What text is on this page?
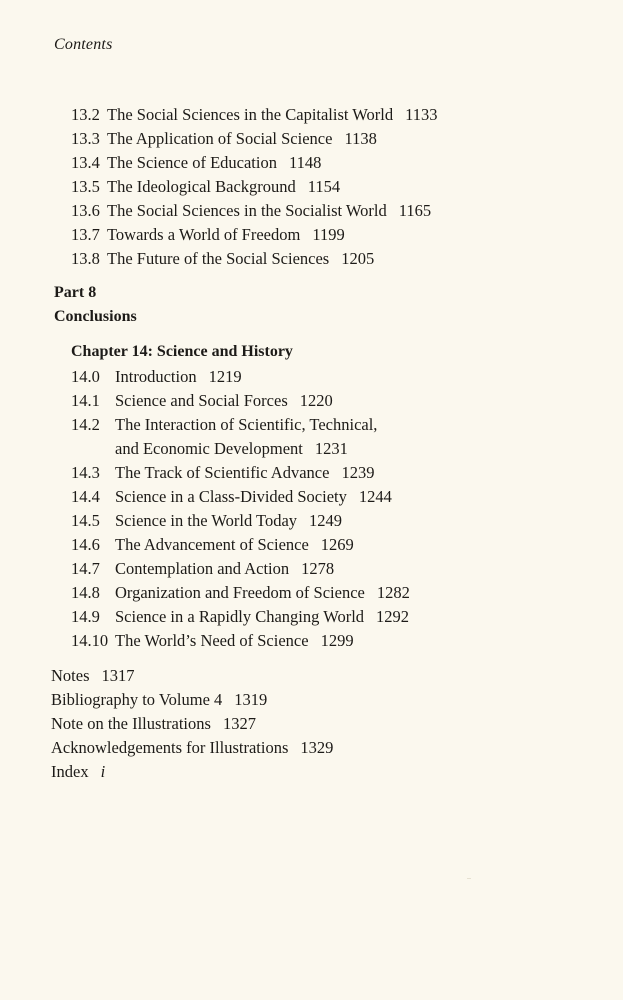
Contents
13.2 The Social Sciences in the Capitalist World 1133
13.3 The Application of Social Science 1138
13.4 The Science of Education 1148
13.5 The Ideological Background 1154
13.6 The Social Sciences in the Socialist World 1165
13.7 Towards a World of Freedom 1199
13.8 The Future of the Social Sciences 1205
Part 8
Conclusions
Chapter 14: Science and History
14.0 Introduction 1219
14.1 Science and Social Forces 1220
14.2 The Interaction of Scientific, Technical,
and Economic Development 1231
14.3 The Track of Scientific Advance 1239
14.4 Science in a Class-Divided Society 1244
14.5 Science in the World Today 1249
14.6 The Advancement of Science 1269
14.7 Contemplation and Action 1278
14.8 Organization and Freedom of Science 1282
14.9 Science in a Rapidly Changing World 1292
14.10 The World’s Need of Science 1299
Notes 1317
Bibliography to Volume 4 1319
Note on the Illustrations 1327
Acknowledgements for Illustrations 1329
Index i
